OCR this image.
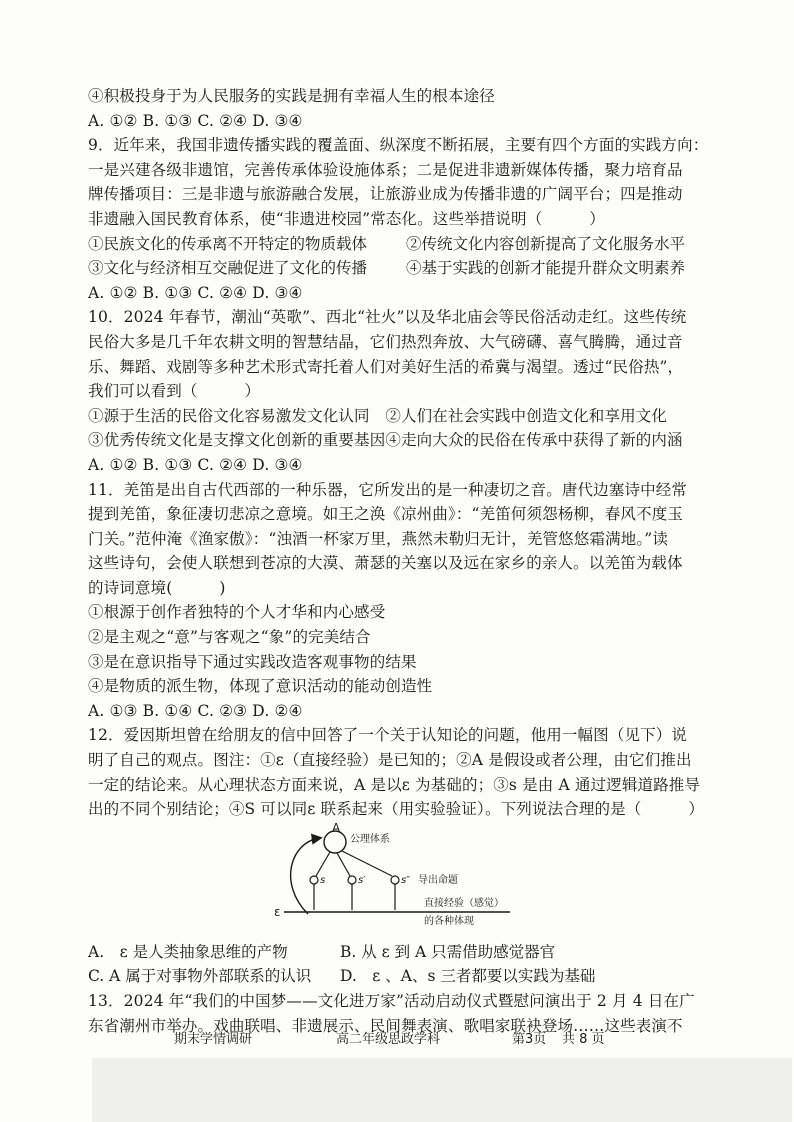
④积极投身于为人民服务的实践是拥有幸福人生的根本途径
A. ①② B. ①③ C. ②④ D. ③④
9．近年来，我国非遗传播实践的覆盖面、纵深度不断拓展，主要有四个方面的实践方向：
一是兴建各级非遗馆，完善传承体验设施体系；二是促进非遗新媒体传播，聚力培育品
牌传播项目：三是非遗与旅游融合发展，让旅游业成为传播非遗的广阔平台；四是推动
非遗融入国民教育体系，使“非遗进校园”常态化。这些举措说明（　　　）
①民族文化的传承离不开特定的物质载体	②传统文化内容创新提高了文化服务水平
③文化与经济相互交融促进了文化的传播	④基于实践的创新才能提升群众文明素养
A. ①② B. ①③ C. ②④ D. ③④
10．2024 年春节，潮汕“英歌”、西北“社火”以及华北庙会等民俗活动走红。这些传统
民俗大多是几千年农耕文明的智慧结晶，它们热烈奔放、大气磅礴、喜气腾腾，通过音
乐、舞蹈、戏剧等多种艺术形式寄托着人们对美好生活的希冀与渴望。透过“民俗热”，
我们可以看到（　　　）
①源于生活的民俗文化容易激发文化认同　②人们在社会实践中创造文化和享用文化
③优秀传统文化是支撑文化创新的重要基因④走向大众的民俗在传承中获得了新的内涵
A. ①② B. ①③ C. ②④ D. ③④
11．羌笛是出自古代西部的一种乐器，它所发出的是一种凄切之音。唐代边塞诗中经常
提到羌笛，象征凄切悲凉之意境。如王之涣《凉州曲》：“羌笛何须怨杨柳，春风不度玉
门关。”范仲淹《渔家傲》：“浊酒一杯家万里，燕然未勒归无计，羌管悠悠霜满地。”读
这些诗句，会使人联想到苍凉的大漠、萧瑟的关塞以及远在家乡的亲人。以羌笛为载体
的诗词意境(　　　)
①根源于创作者独特的个人才华和内心感受
②是主观之“意”与客观之“象”的完美结合
③是在意识指导下通过实践改造客观事物的结果
④是物质的派生物，体现了意识活动的能动创造性
A. ①③ B. ①④ C. ②③ D. ②④
12．爱因斯坦曾在给朋友的信中回答了一个关于认知论的问题，他用一幅图（见下）说
明了自己的观点。图注：①ε（直接经验）是已知的；②A 是假设或者公理，由它们推出
一定的结论来。从心理状态方面来说，A 是以ε 为基础的；③s 是由 A 通过逻辑道路推导
出的不同个别结论；④S 可以同ε 联系起来（用实验验证）。下列说法合理的是（　　　）
A
公理体系
s	s′	s″ 导出命题
ε
直接经验（感觉）
的各种体现
A.　ε 是人类抽象思维的产物	B. 从 ε 到 A 只需借助感觉器官
C. A 属于对事物外部联系的认识	D.　ε 、A、s 三者都要以实践为基础
13．2024 年“我们的中国梦——文化进万家”活动启动仪式暨慰问演出于 2 月 4 日在广
东省潮州市举办。戏曲联唱、非遗展示、民间舞表演、歌唱家联袂登场……这些表演不
期末学情调研	高二年级思政学科	第3页 共 8 页
